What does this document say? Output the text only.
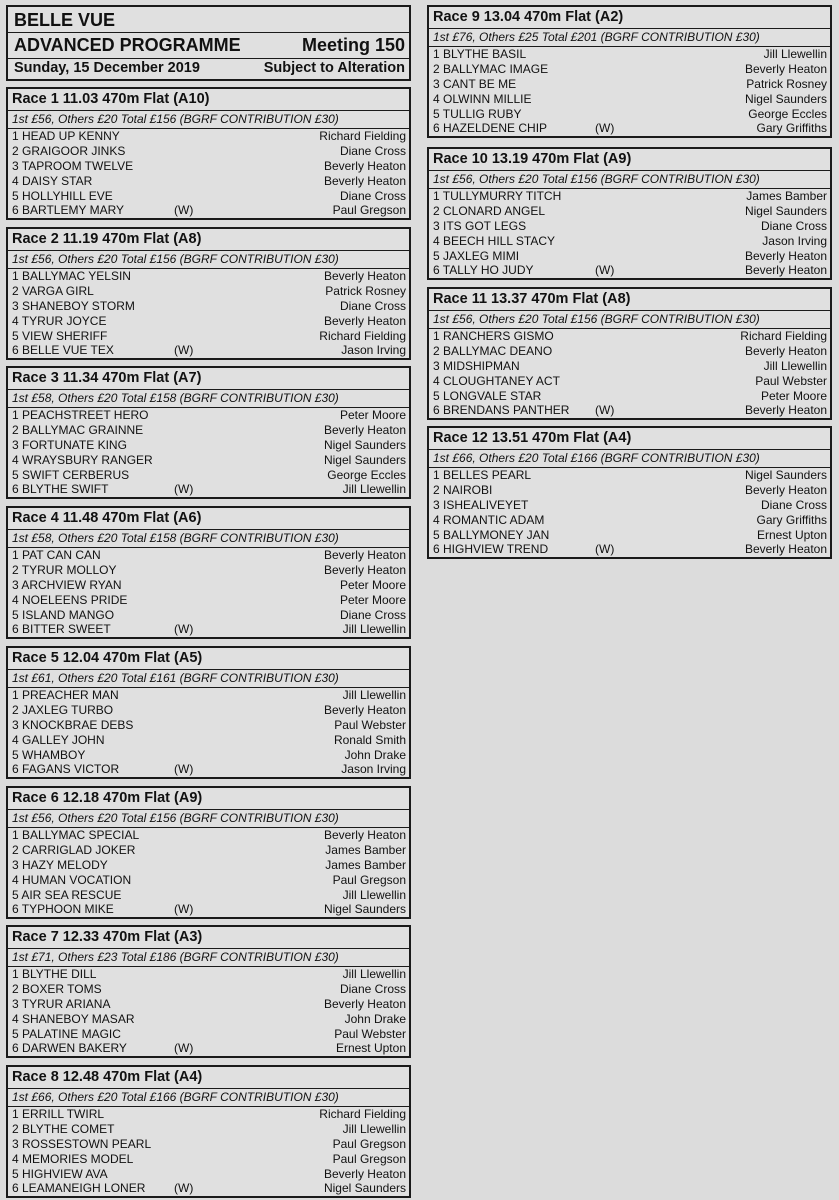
BELLE VUE
ADVANCED PROGRAMME	Meeting 150
Sunday, 15 December 2019	Subject to Alteration
Race 1 11.03 470m Flat (A10)
1st £56, Others £20 Total £156 (BGRF CONTRIBUTION £30)
1 HEAD UP KENNY	Richard Fielding
2 GRAIGOOR JINKS	Diane Cross
3 TAPROOM TWELVE	Beverly Heaton
4 DAISY STAR	Beverly Heaton
5 HOLLYHILL EVE	Diane Cross
6 BARTLEMY MARY	(W)	Paul Gregson
Race 2 11.19 470m Flat (A8)
1st £56, Others £20 Total £156 (BGRF CONTRIBUTION £30)
1 BALLYMAC YELSIN	Beverly Heaton
2 VARGA GIRL	Patrick Rosney
3 SHANEBOY STORM	Diane Cross
4 TYRUR JOYCE	Beverly Heaton
5 VIEW SHERIFF	Richard Fielding
6 BELLE VUE TEX	(W)	Jason Irving
Race 3 11.34 470m Flat (A7)
1st £58, Others £20 Total £158 (BGRF CONTRIBUTION £30)
1 PEACHSTREET HERO	Peter Moore
2 BALLYMAC GRAINNE	Beverly Heaton
3 FORTUNATE KING	Nigel Saunders
4 WRAYSBURY RANGER	Nigel Saunders
5 SWIFT CERBERUS	George Eccles
6 BLYTHE SWIFT	(W)	Jill Llewellin
Race 4 11.48 470m Flat (A6)
1st £58, Others £20 Total £158 (BGRF CONTRIBUTION £30)
1 PAT CAN CAN	Beverly Heaton
2 TYRUR MOLLOY	Beverly Heaton
3 ARCHVIEW RYAN	Peter Moore
4 NOELEENS PRIDE	Peter Moore
5 ISLAND MANGO	Diane Cross
6 BITTER SWEET	(W)	Jill Llewellin
Race 5 12.04 470m Flat (A5)
1st £61, Others £20 Total £161 (BGRF CONTRIBUTION £30)
1 PREACHER MAN	Jill Llewellin
2 JAXLEG TURBO	Beverly Heaton
3 KNOCKBRAE DEBS	Paul Webster
4 GALLEY JOHN	Ronald Smith
5 WHAMBOY	John Drake
6 FAGANS VICTOR	(W)	Jason Irving
Race 6 12.18 470m Flat (A9)
1st £56, Others £20 Total £156 (BGRF CONTRIBUTION £30)
1 BALLYMAC SPECIAL	Beverly Heaton
2 CARRIGLAD JOKER	James Bamber
3 HAZY MELODY	James Bamber
4 HUMAN VOCATION	Paul Gregson
5 AIR SEA RESCUE	Jill Llewellin
6 TYPHOON MIKE	(W)	Nigel Saunders
Race 7 12.33 470m Flat (A3)
1st £71, Others £23 Total £186 (BGRF CONTRIBUTION £30)
1 BLYTHE DILL	Jill Llewellin
2 BOXER TOMS	Diane Cross
3 TYRUR ARIANA	Beverly Heaton
4 SHANEBOY MASAR	John Drake
5 PALATINE MAGIC	Paul Webster
6 DARWEN BAKERY	(W)	Ernest Upton
Race 8 12.48 470m Flat (A4)
1st £66, Others £20 Total £166 (BGRF CONTRIBUTION £30)
1 ERRILL TWIRL	Richard Fielding
2 BLYTHE COMET	Jill Llewellin
3 ROSSESTOWN PEARL	Paul Gregson
4 MEMORIES MODEL	Paul Gregson
5 HIGHVIEW AVA	Beverly Heaton
6 LEAMANEIGH LONER (W)	Nigel Saunders
Race 9 13.04 470m Flat (A2)
1st £76, Others £25 Total £201 (BGRF CONTRIBUTION £30)
1 BLYTHE BASIL	Jill Llewellin
2 BALLYMAC IMAGE	Beverly Heaton
3 CANT BE ME	Patrick Rosney
4 OLWINN MILLIE	Nigel Saunders
5 TULLIG RUBY	George Eccles
6 HAZELDENE CHIP	(W)	Gary Griffiths
Race 10 13.19 470m Flat (A9)
1st £56, Others £20 Total £156 (BGRF CONTRIBUTION £30)
1 TULLYMURRY TITCH	James Bamber
2 CLONARD ANGEL	Nigel Saunders
3 ITS GOT LEGS	Diane Cross
4 BEECH HILL STACY	Jason Irving
5 JAXLEG MIMI	Beverly Heaton
6 TALLY HO JUDY	(W)	Beverly Heaton
Race 11 13.37 470m Flat (A8)
1st £56, Others £20 Total £156 (BGRF CONTRIBUTION £30)
1 RANCHERS GISMO	Richard Fielding
2 BALLYMAC DEANO	Beverly Heaton
3 MIDSHIPMAN	Jill Llewellin
4 CLOUGHTANEY ACT	Paul Webster
5 LONGVALE STAR	Peter Moore
6 BRENDANS PANTHER (W)	Beverly Heaton
Race 12 13.51 470m Flat (A4)
1st £66, Others £20 Total £166 (BGRF CONTRIBUTION £30)
1 BELLES PEARL	Nigel Saunders
2 NAIROBI	Beverly Heaton
3 ISHEALIVEYET	Diane Cross
4 ROMANTIC ADAM	Gary Griffiths
5 BALLYMONEY JAN	Ernest Upton
6 HIGHVIEW TREND	(W)	Beverly Heaton
